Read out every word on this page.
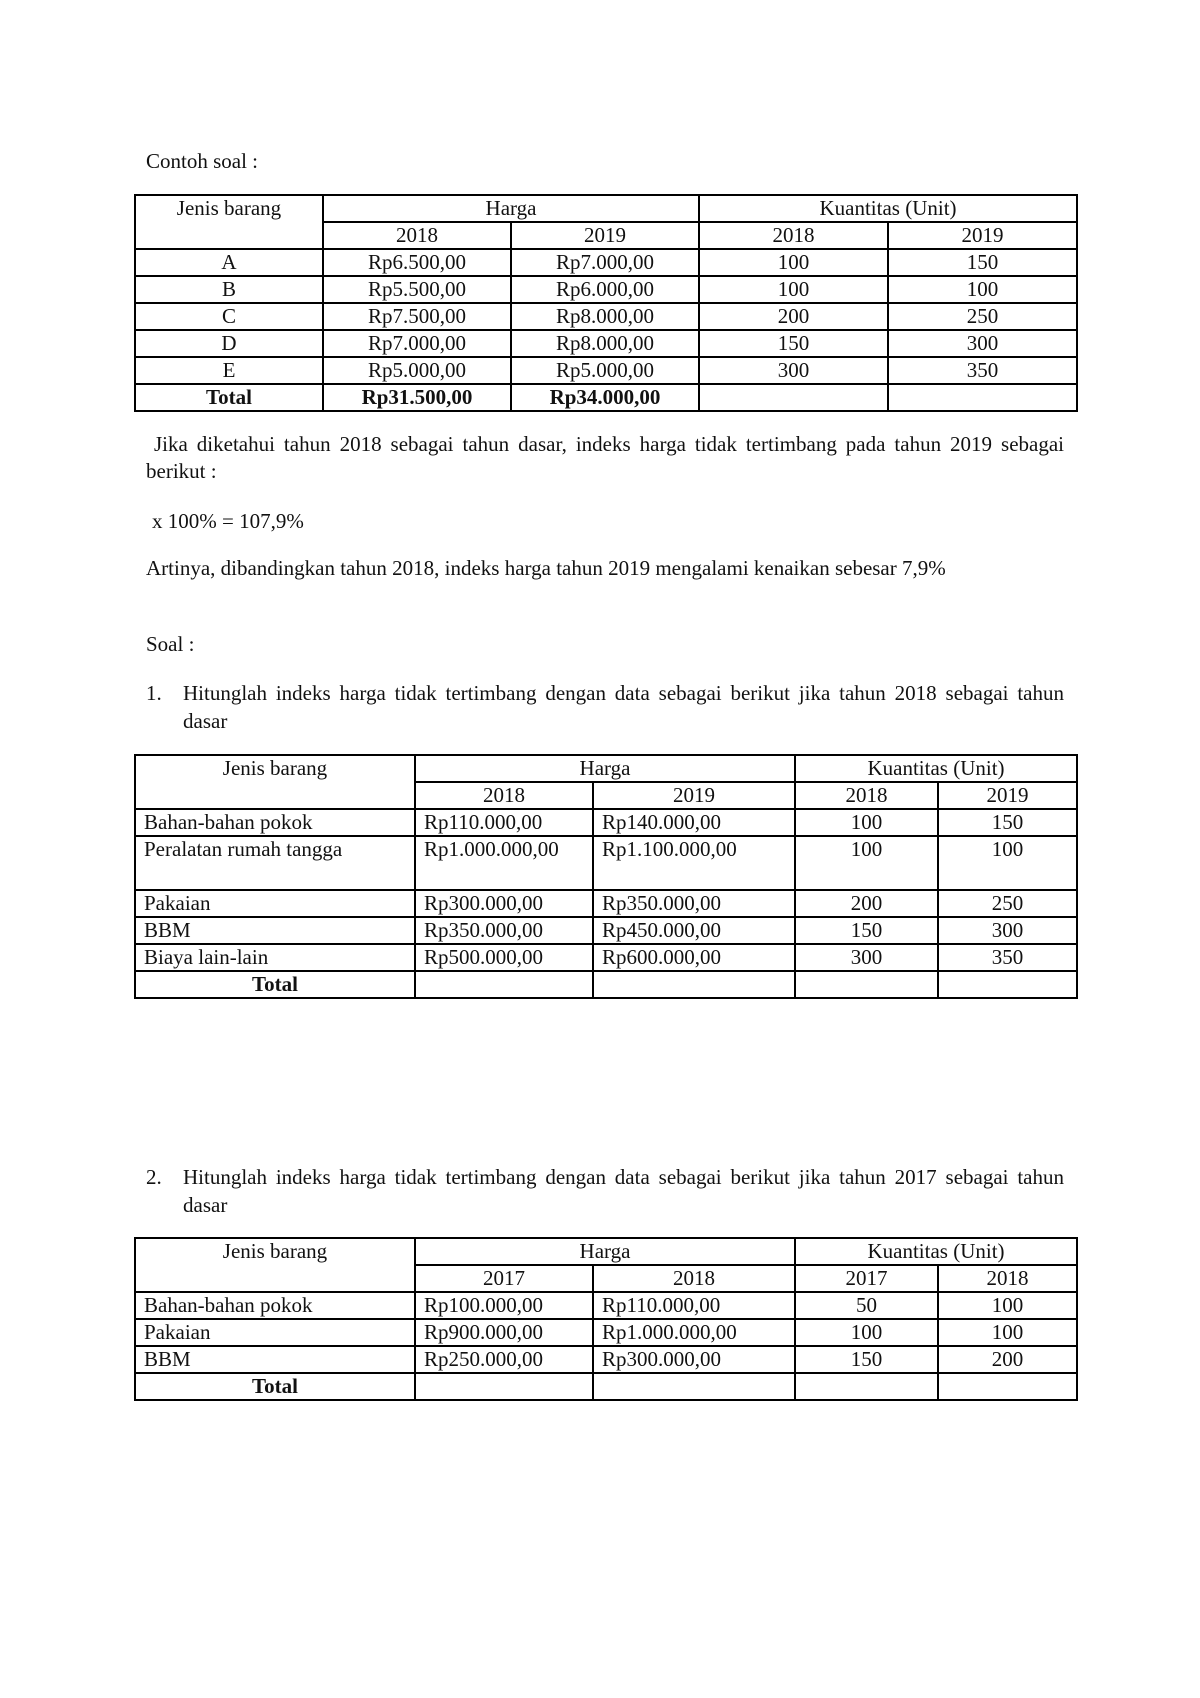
Contoh soal :

Jenis barang	Harga		Kuantitas (Unit)	
	2018	2019	2018	2019
A	Rp6.500,00	Rp7.000,00	100	150
B	Rp5.500,00	Rp6.000,00	100	100
C	Rp7.500,00	Rp8.000,00	200	250
D	Rp7.000,00	Rp8.000,00	150	300
E	Rp5.000,00	Rp5.000,00	300	350
Total	Rp31.500,00	Rp34.000,00		

Jika diketahui tahun 2018 sebagai tahun dasar, indeks harga tidak tertimbang pada tahun 2019 sebagai berikut :

x 100% = 107,9%

Artinya, dibandingkan tahun 2018, indeks harga tahun 2019 mengalami kenaikan sebesar 7,9%

Soal :

1. Hitunglah indeks harga tidak tertimbang dengan data sebagai berikut jika tahun 2018 sebagai tahun dasar

Jenis barang	Harga		Kuantitas (Unit)	
	2018	2019	2018	2019
Bahan-bahan pokok	Rp110.000,00	Rp140.000,00	100	150
Peralatan rumah tangga	Rp1.000.000,00	Rp1.100.000,00	100	100
Pakaian	Rp300.000,00	Rp350.000,00	200	250
BBM	Rp350.000,00	Rp450.000,00	150	300
Biaya lain-lain	Rp500.000,00	Rp600.000,00	300	350
Total				
2. Hitunglah indeks harga tidak tertimbang dengan data sebagai berikut jika tahun 2017 sebagai tahun dasar

Jenis barang	Harga		Kuantitas (Unit)	
	2017	2018	2017	2018
Bahan-bahan pokok	Rp100.000,00	Rp110.000,00	50	100
Pakaian	Rp900.000,00	Rp1.000.000,00	100	100
BBM	Rp250.000,00	Rp300.000,00	150	200
Total				
